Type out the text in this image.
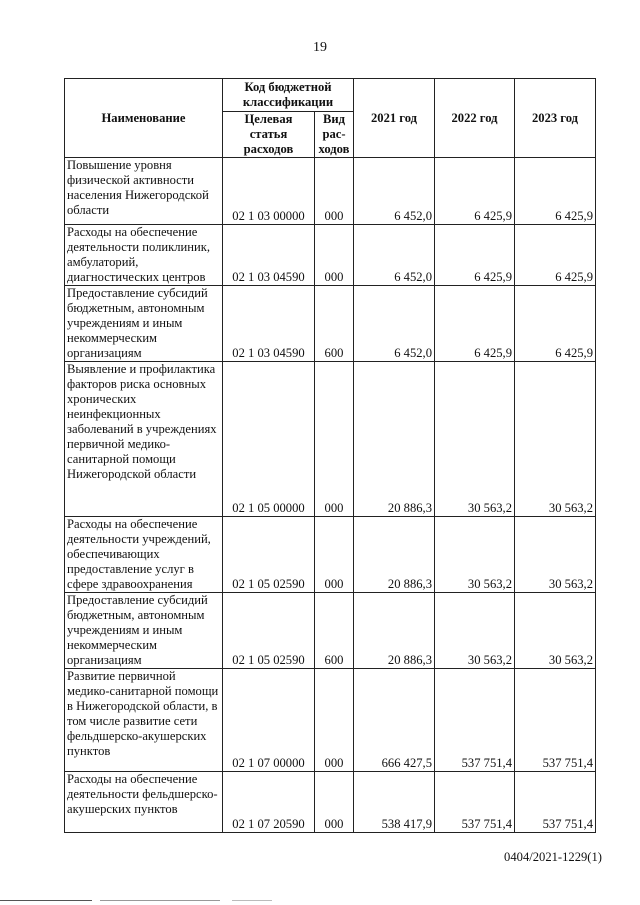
19
Наименование	Код бюджетной классификации		2021 год	2022 год	2023 год
	Целевая статья расходов	Вид рас-ходов			
Повышение уровня физической активности населения Нижегородской области	02 1 03 00000	000	6 452,0	6 425,9	6 425,9
Расходы на обеспечение деятельности поликлиник, амбулаторий, диагностических центров	02 1 03 04590	000	6 452,0	6 425,9	6 425,9
Предоставление субсидий бюджетным, автономным учреждениям и иным некоммерческим организациям	02 1 03 04590	600	6 452,0	6 425,9	6 425,9
Выявление и профилактика факторов риска основных хронических неинфекционных заболеваний в учреждениях первичной медико-санитарной помощи Нижегородской области	02 1 05 00000	000	20 886,3	30 563,2	30 563,2
Расходы на обеспечение деятельности учреждений, обеспечивающих предоставление услуг в сфере здравоохранения	02 1 05 02590	000	20 886,3	30 563,2	30 563,2
Предоставление субсидий бюджетным, автономным учреждениям и иным некоммерческим организациям	02 1 05 02590	600	20 886,3	30 563,2	30 563,2
Развитие первичной медико-санитарной помощи в Нижегородской области, в том числе развитие сети фельдшерско-акушерских пунктов	02 1 07 00000	000	666 427,5	537 751,4	537 751,4
Расходы на обеспечение деятельности фельдшерско-акушерских пунктов	02 1 07 20590	000	538 417,9	537 751,4	537 751,4
0404/2021-1229(1)
